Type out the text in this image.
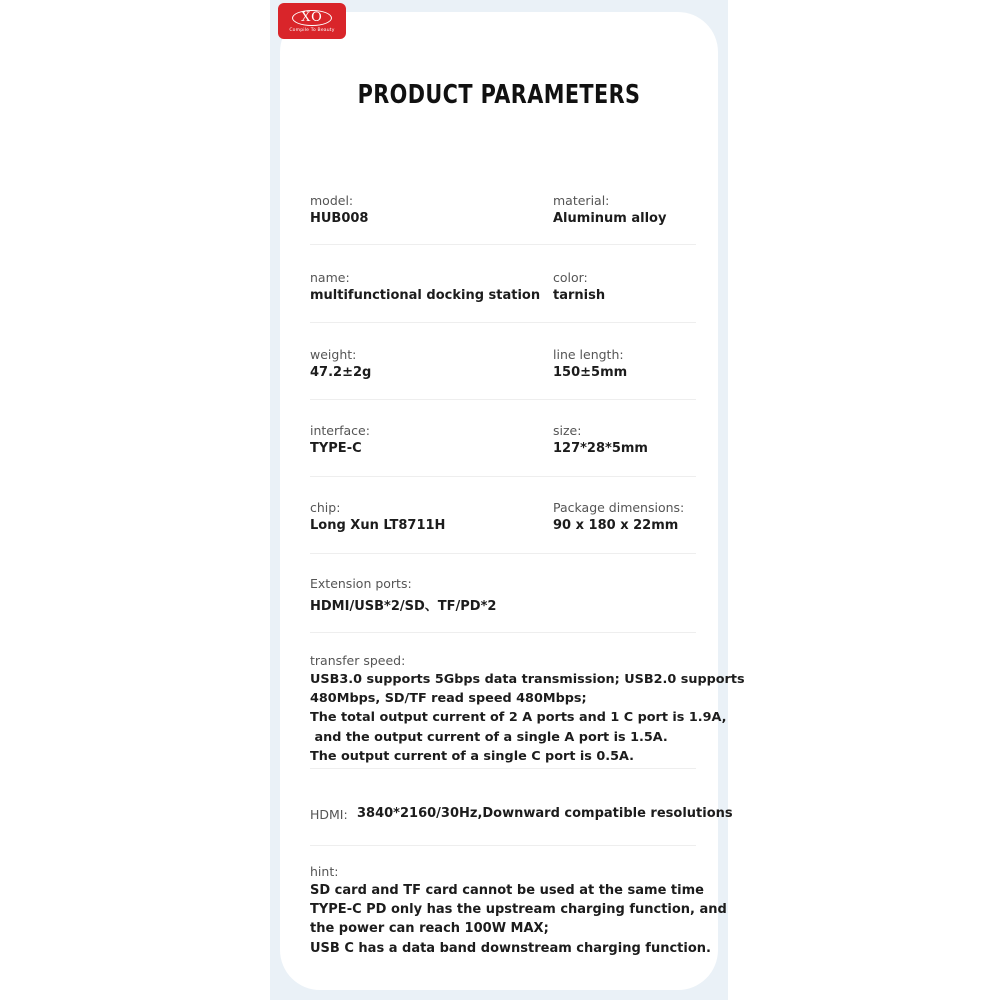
XO
Compile To Beauty
PRODUCT PARAMETERS
model:
HUB008
material:
Aluminum alloy
name:
multifunctional docking station
color:
tarnish
weight:
47.2±2g
line length:
150±5mm
interface:
TYPE-C
size:
127*28*5mm
chip:
Long Xun LT8711H
Package dimensions:
90 x 180 x 22mm
Extension ports:
HDMI/USB*2/SD、TF/PD*2
transfer speed:
USB3.0 supports 5Gbps data transmission; USB2.0 supports
480Mbps, SD/TF read speed 480Mbps;
The total output current of 2 A ports and 1 C port is 1.9A,
and the output current of a single A port is 1.5A.
The output current of a single C port is 0.5A.
HDMI: 3840*2160/30Hz,Downward compatible resolutions
hint:
SD card and TF card cannot be used at the same time
TYPE-C PD only has the upstream charging function, and
the power can reach 100W MAX;
USB C has a data band downstream charging function.
